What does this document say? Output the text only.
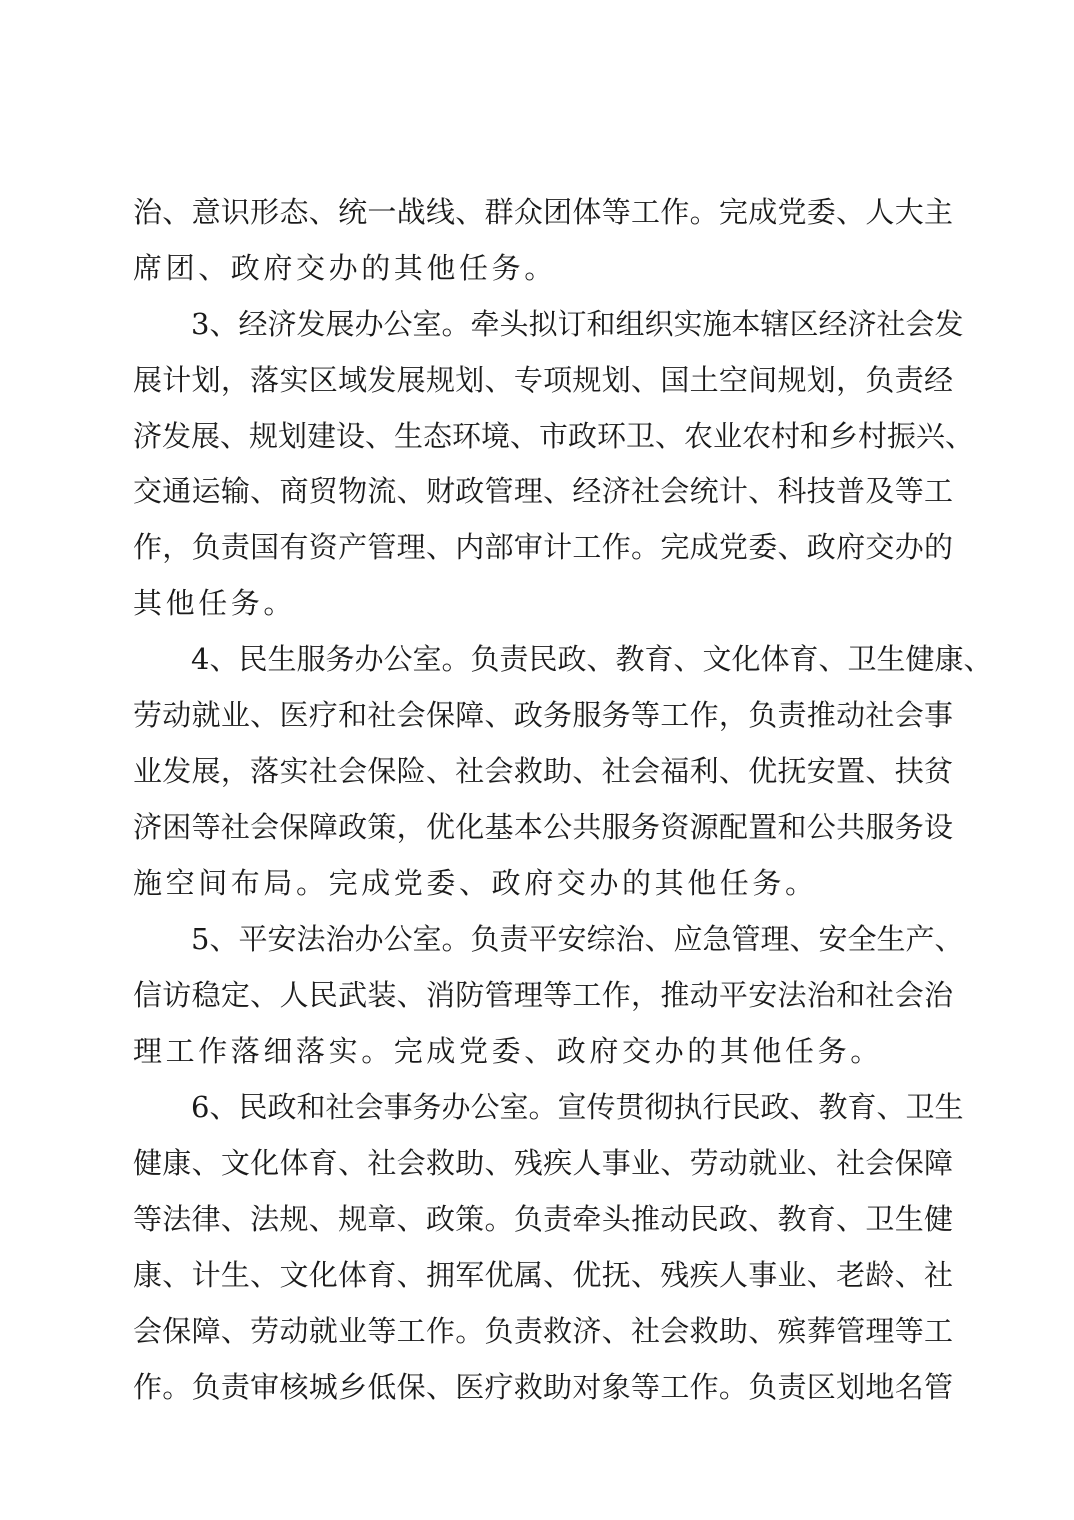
治、意识形态、统一战线、群众团体等工作。完成党委、人大主
席团、政府交办的其他任务。
3、经济发展办公室。牵头拟订和组织实施本辖区经济社会发
展计划，落实区域发展规划、专项规划、国土空间规划，负责经
济发展、规划建设、生态环境、市政环卫、农业农村和乡村振兴、
交通运输、商贸物流、财政管理、经济社会统计、科技普及等工
作，负责国有资产管理、内部审计工作。完成党委、政府交办的
其他任务。
4、民生服务办公室。负责民政、教育、文化体育、卫生健康、
劳动就业、医疗和社会保障、政务服务等工作，负责推动社会事
业发展，落实社会保险、社会救助、社会福利、优抚安置、扶贫
济困等社会保障政策，优化基本公共服务资源配置和公共服务设
施空间布局。完成党委、政府交办的其他任务。
5、平安法治办公室。负责平安综治、应急管理、安全生产、
信访稳定、人民武装、消防管理等工作，推动平安法治和社会治
理工作落细落实。完成党委、政府交办的其他任务。
6、民政和社会事务办公室。宣传贯彻执行民政、教育、卫生
健康、文化体育、社会救助、残疾人事业、劳动就业、社会保障
等法律、法规、规章、政策。负责牵头推动民政、教育、卫生健
康、计生、文化体育、拥军优属、优抚、残疾人事业、老龄、社
会保障、劳动就业等工作。负责救济、社会救助、殡葬管理等工
作。负责审核城乡低保、医疗救助对象等工作。负责区划地名管
